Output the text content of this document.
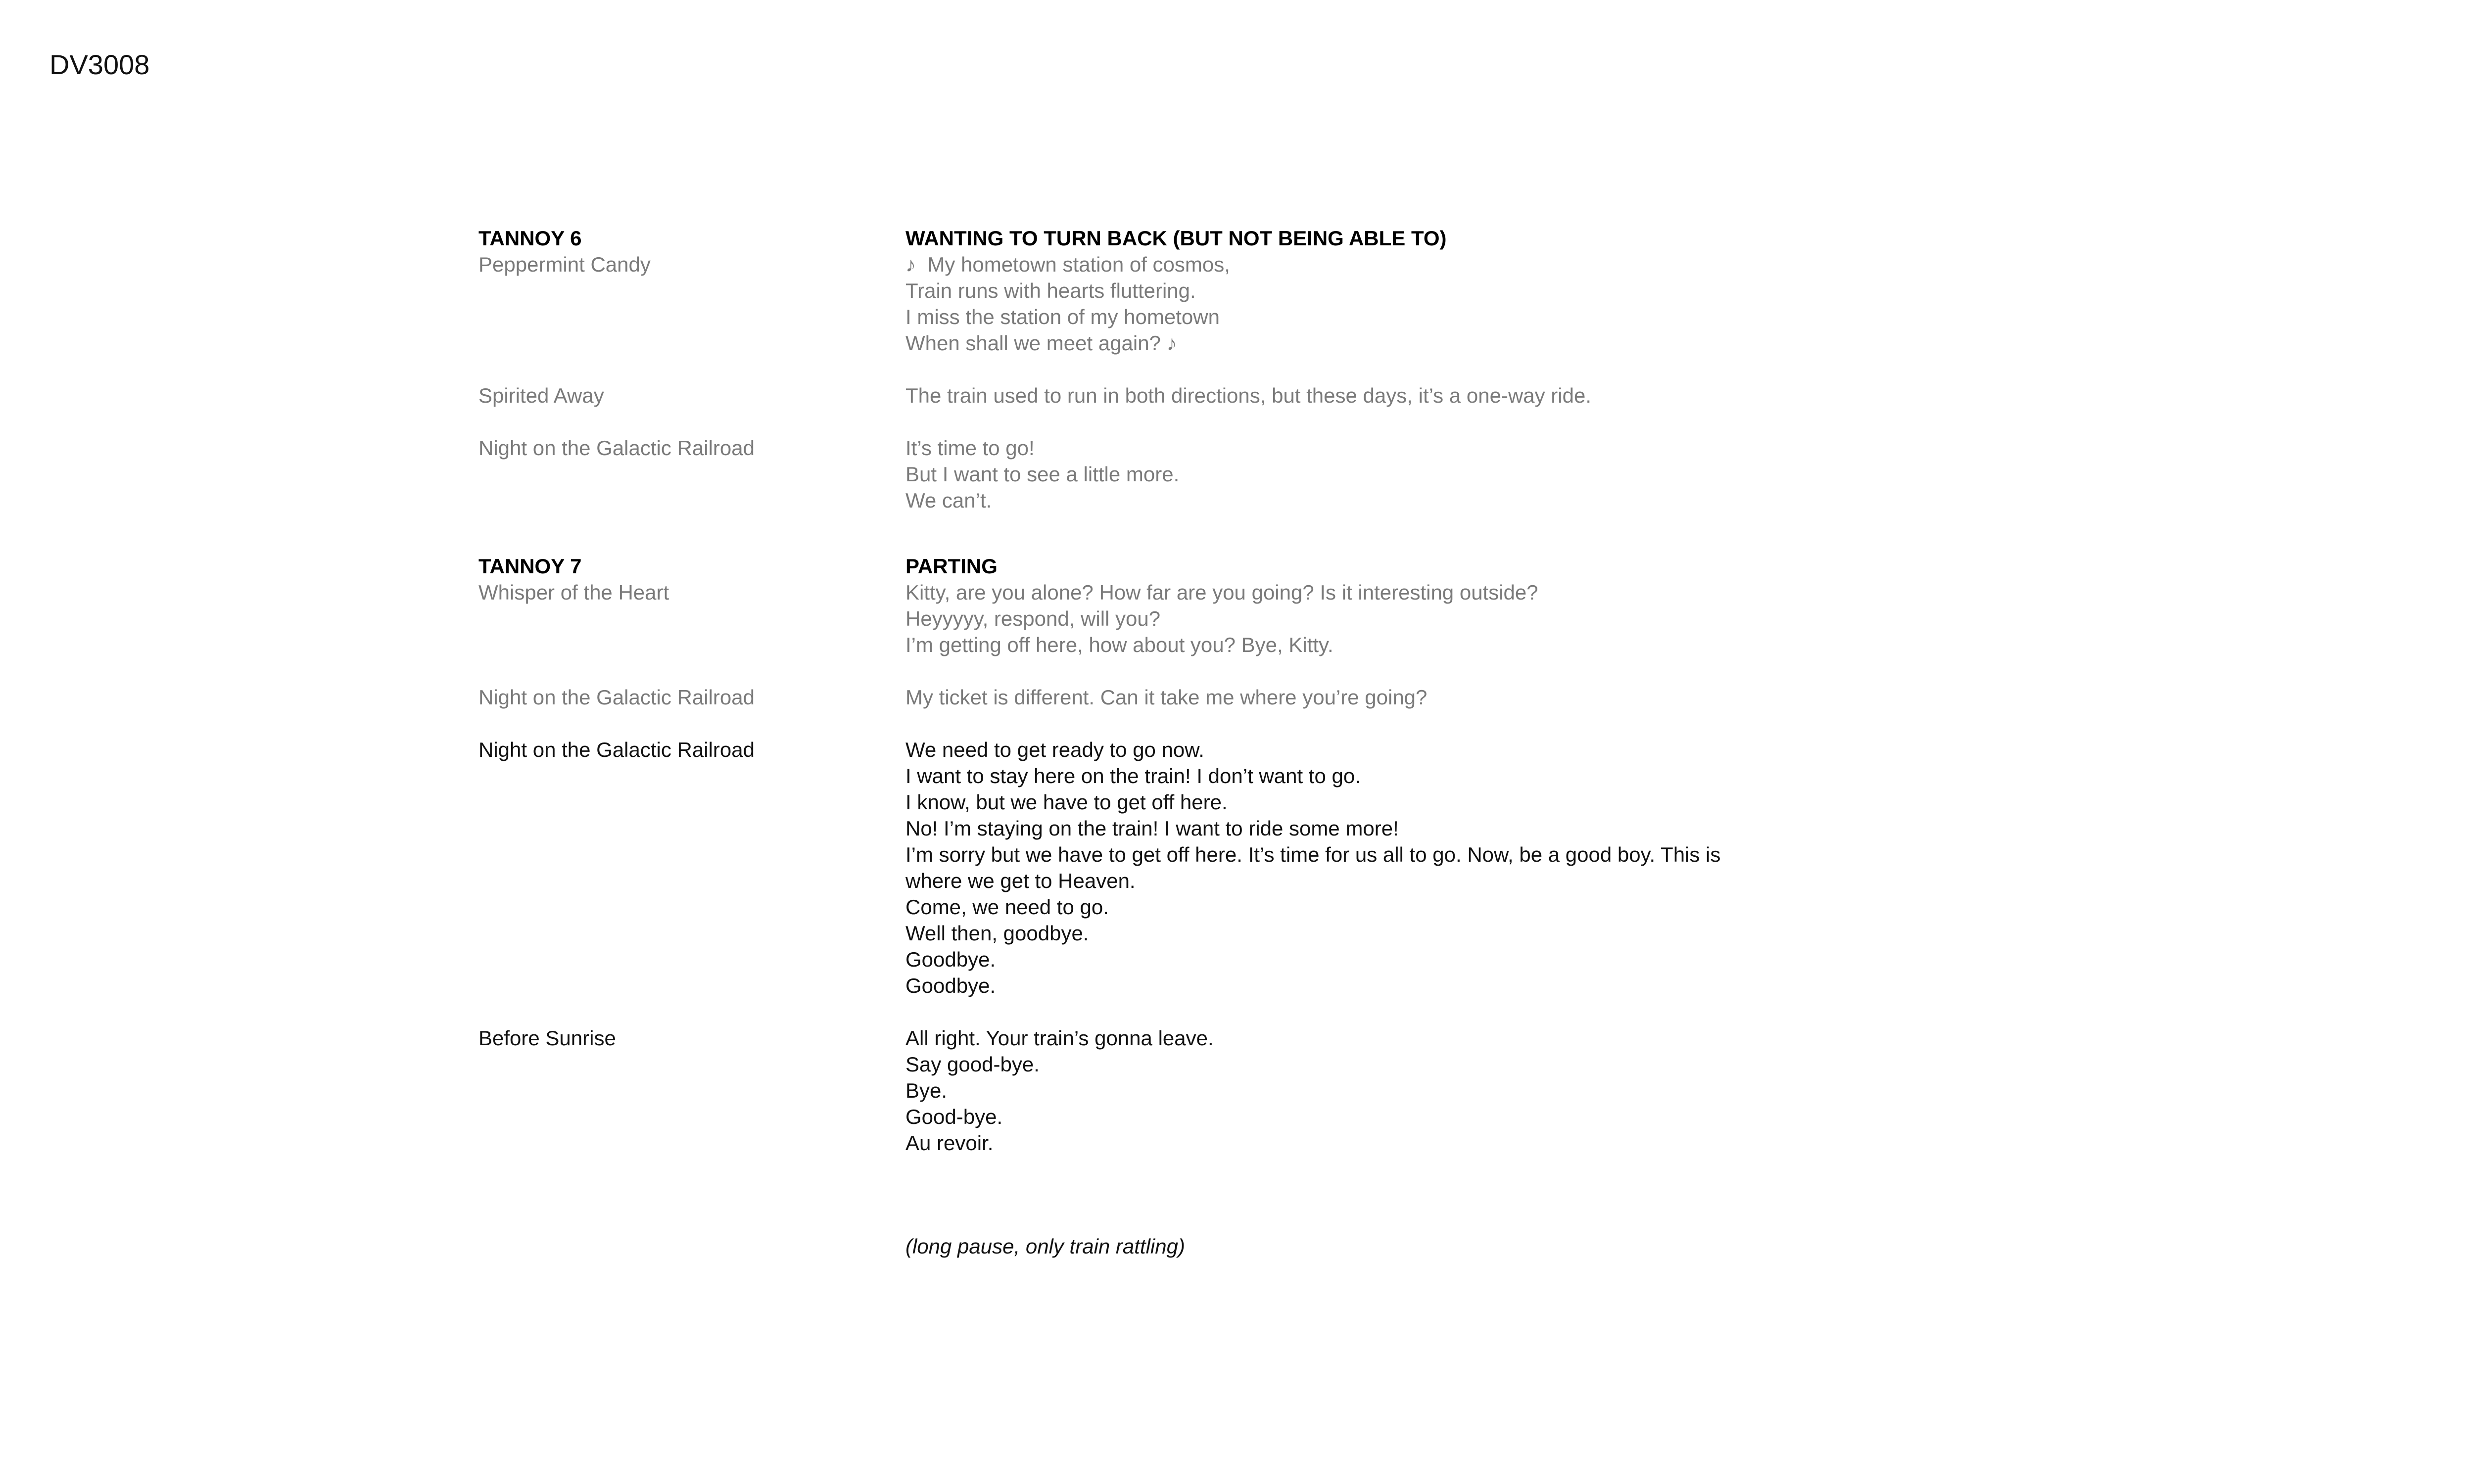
DV3008
TANNOY 6	WANTING TO TURN BACK (BUT NOT BEING ABLE TO)
Peppermint Candy	♪  My hometown station of cosmos,
Train runs with hearts fluttering.
I miss the station of my hometown
When shall we meet again? ♪
Spirited Away	The train used to run in both directions, but these days, it’s a one-way ride.
Night on the Galactic Railroad	It’s time to go!
But I want to see a little more.
We can’t.
TANNOY 7	PARTING
Whisper of the Heart	Kitty, are you alone? How far are you going? Is it interesting outside?
Heyyyyy, respond, will you?
I’m getting off here, how about you? Bye, Kitty.
Night on the Galactic Railroad	My ticket is different. Can it take me where you’re going?
Night on the Galactic Railroad	We need to get ready to go now.
I want to stay here on the train! I don’t want to go.
I know, but we have to get off here.
No! I’m staying on the train! I want to ride some more!
I’m sorry but we have to get off here. It’s time for us all to go. Now, be a good boy. This is where we get to Heaven.
Come, we need to go.
Well then, goodbye.
Goodbye.
Goodbye.
Before Sunrise	All right. Your train’s gonna leave.
Say good-bye.
Bye.
Good-bye.
Au revoir.
(long pause, only train rattling)
